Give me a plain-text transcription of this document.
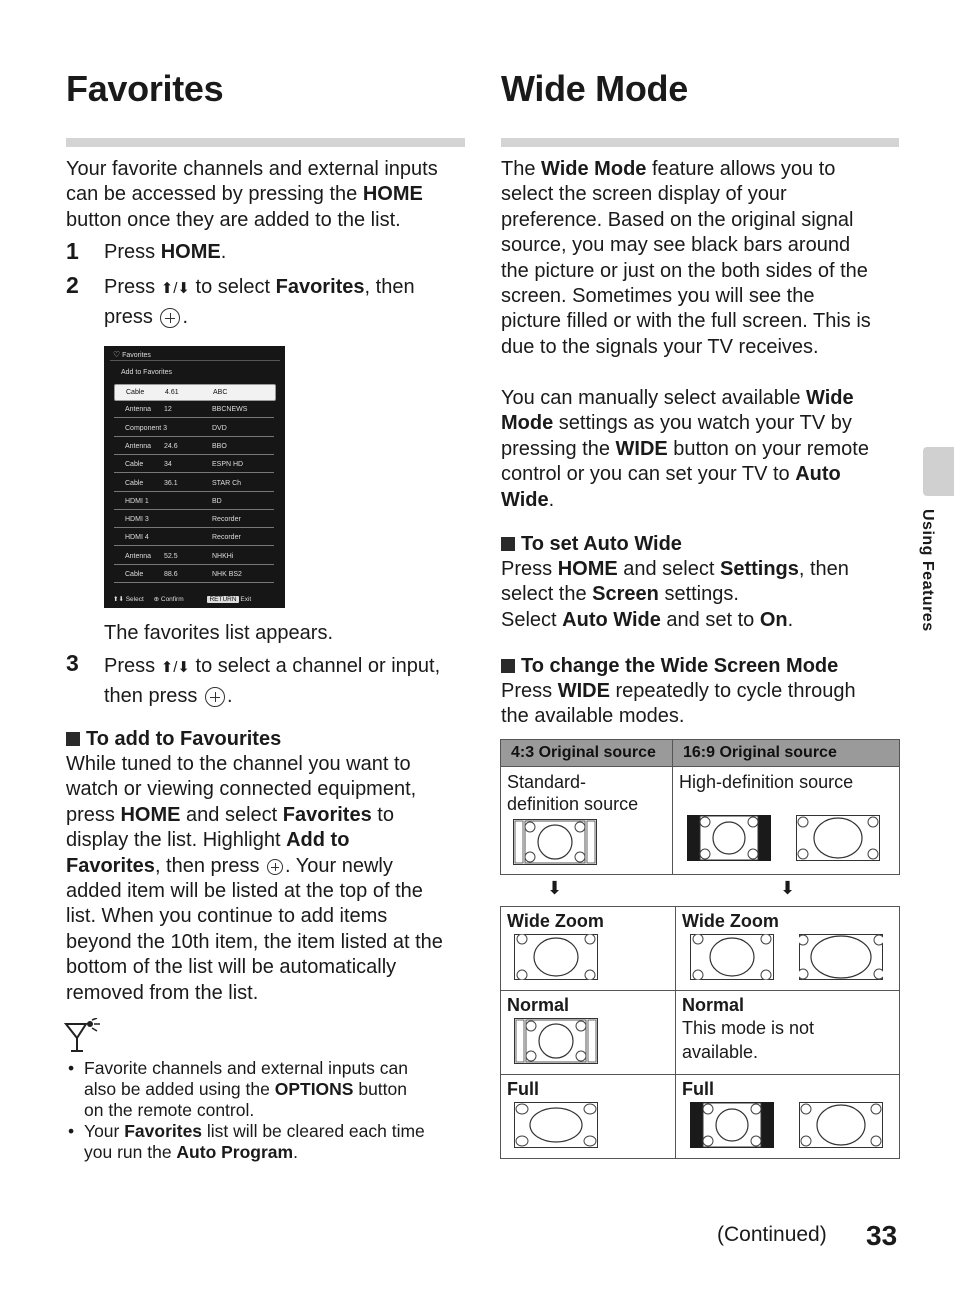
Favorites
Your favorite channels and external inputs
can be accessed by pressing the HOME
button once they are added to the list.
1 Press HOME.
2 Press ⬆/⬇ to select Favorites, then
press .
♡ Favorites
Add to Favorites
Cable	4.61	ABC
Antenna 12	BBCNEWS
Component 3	DVD
Antenna 24.6	BBO
Cable	34	ESPN HD
Cable	36.1	STAR Ch
HDMI 1	BD
HDMI 3	Recorder
HDMI 4	Recorder
Antenna 52.5	NHKHi
Cable	88.6	NHK BS2
⬆⬇ Select ⊕ Confirm	RETURN Exit
The favorites list appears.
3 Press ⬆/⬇ to select a channel or input,
then press .
To add to Favourites
While tuned to the channel you want to
watch or viewing connected equipment,
press HOME and select Favorites to
display the list. Highlight Add to
Favorites, then press . Your newly
added item will be listed at the top of the
list. When you continue to add items
beyond the 10th item, the item listed at the
bottom of the list will be automatically
removed from the list.
• Favorite channels and external inputs can
also be added using the OPTIONS button
on the remote control.
• Your Favorites list will be cleared each time
you run the Auto Program.
Wide Mode
The Wide Mode feature allows you to
select the screen display of your
preference. Based on the original signal
source, you may see black bars around
the picture or just on the both sides of the
screen. Sometimes you will see the
picture filled or with the full screen. This is
due to the signals your TV receives.
You can manually select available Wide
Mode settings as you watch your TV by
pressing the WIDE button on your remote
control or you can set your TV to Auto
Wide.
To set Auto Wide
Press HOME and select Settings, then
select the Screen settings.
Select Auto Wide and set to On.
To change the Wide Screen Mode
Press WIDE repeatedly to cycle through
the available modes.
4:3 Original source	16:9 Original source

Standard-
definition source	High-definition source

⬇	⬇
Wide Zoom	Wide Zoom

Normal	Normal
This mode is not available.

Full	Full

Using Features
(Continued) 33
